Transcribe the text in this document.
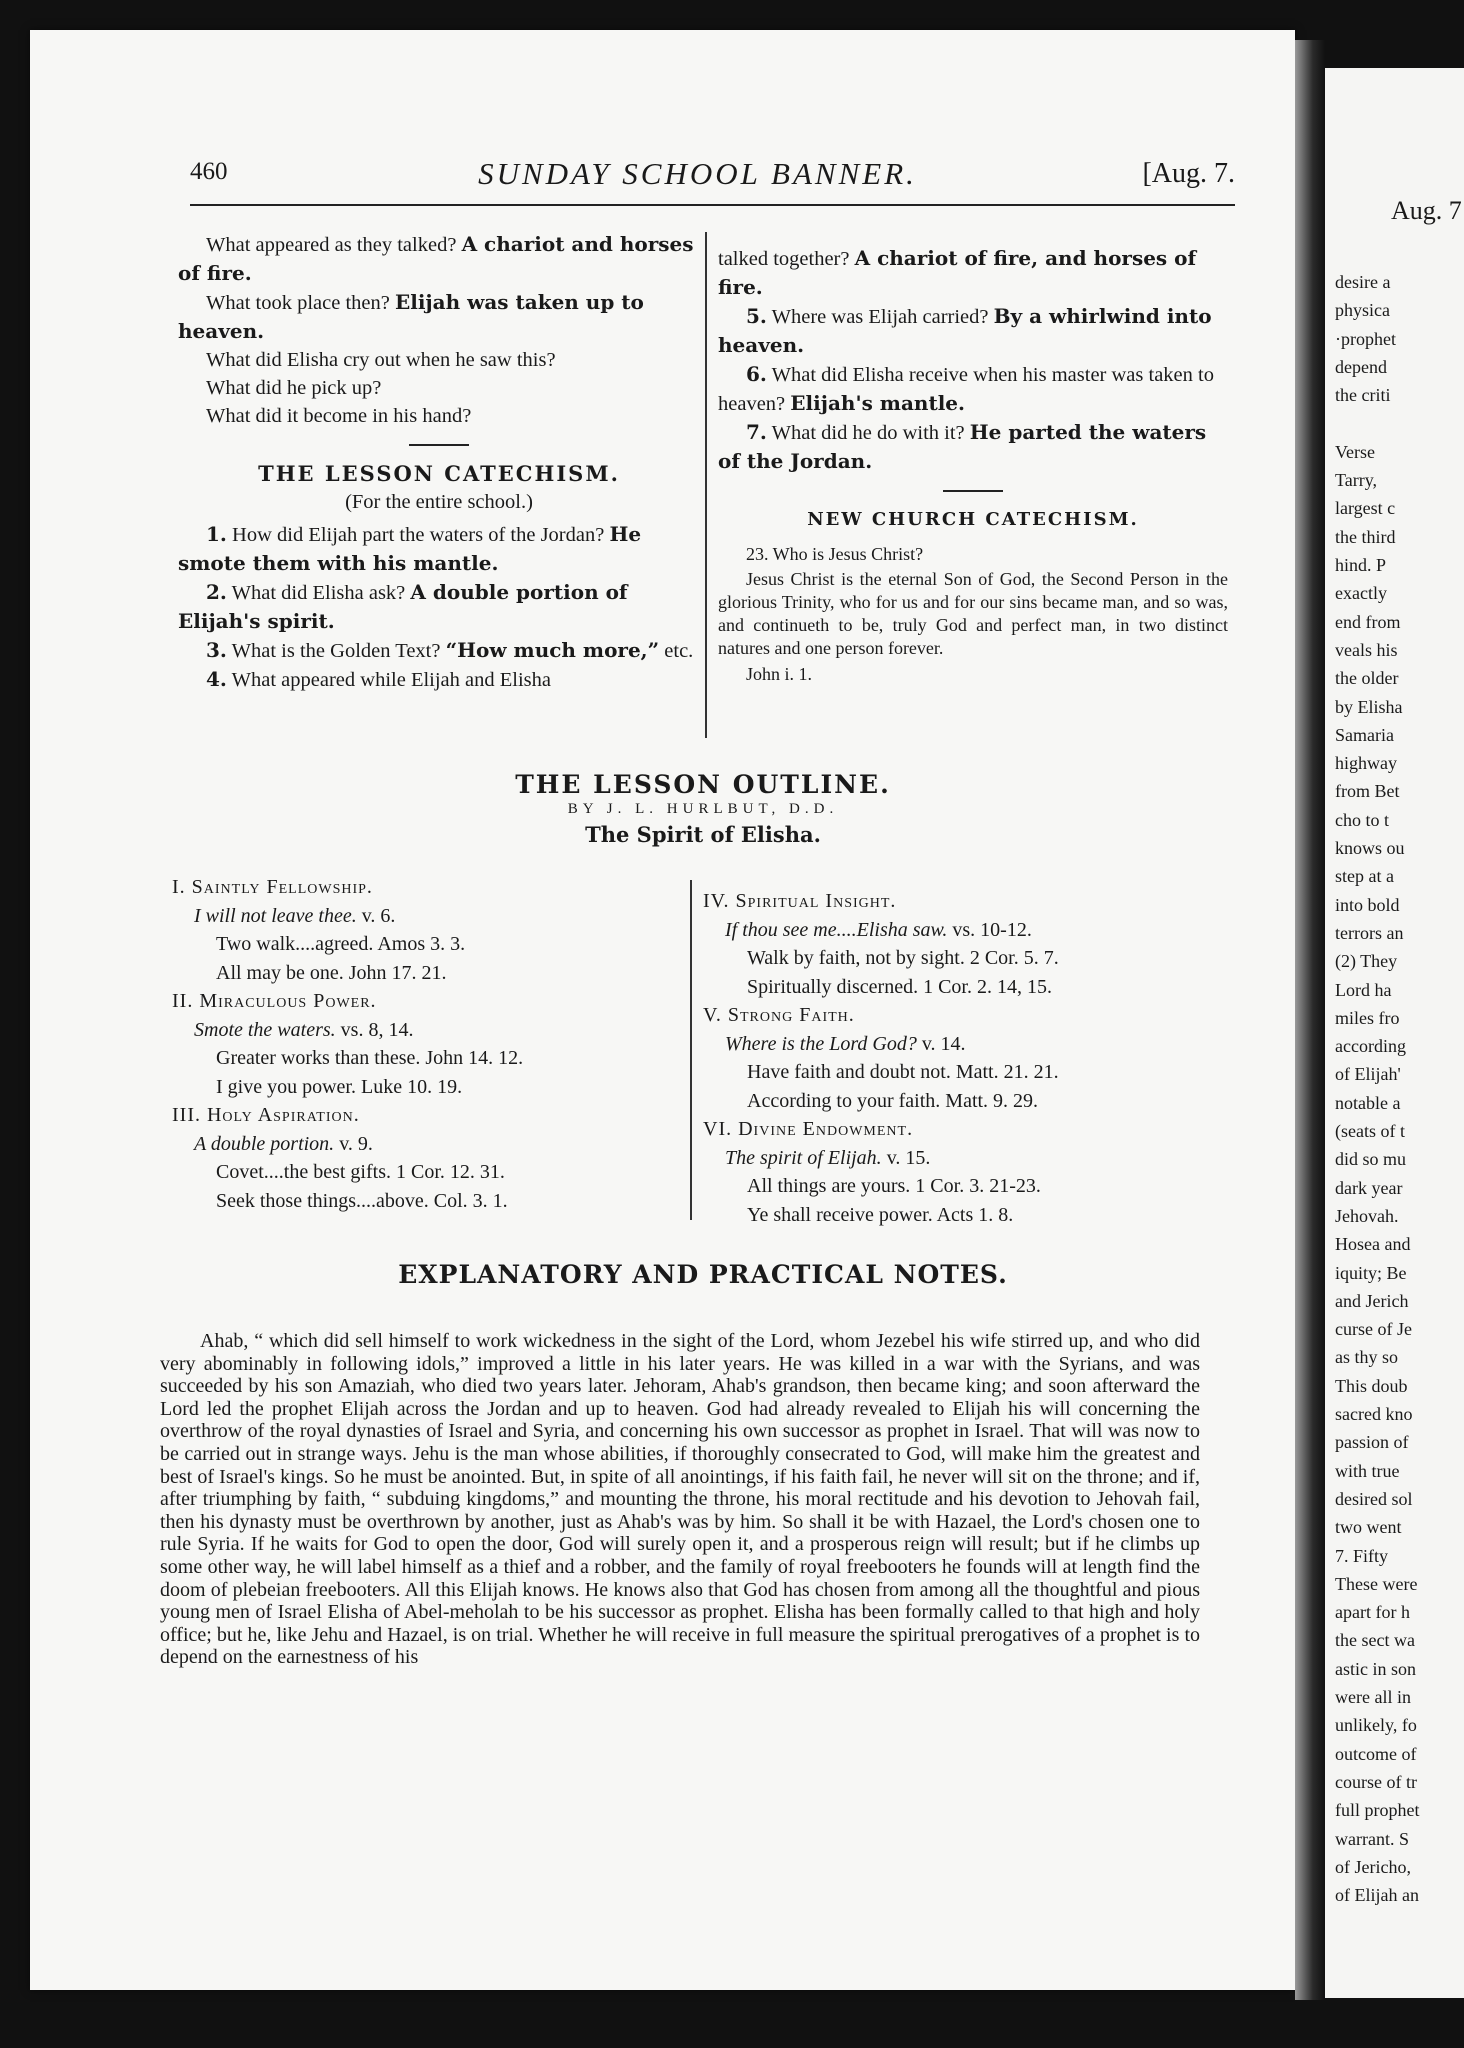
Aug. 7
desire a
physica
·prophet
depend
the criti
Verse
Tarry,
largest c
the third
hind. P
exactly
end from
veals his
the older
by Elisha
Samaria
highway
from Bet
cho to t
knows ou
step at a
into bold
terrors an
(2) They
Lord ha
miles fro
according
of Elijah'
notable a
(seats of t
did so mu
dark year
Jehovah.
Hosea and
iquity; Be
and Jerich
curse of Je
as thy so
This doub
sacred kno
passion of
with true
desired sol
two went
7. Fifty
These were
apart for h
the sect wa
astic in son
were all in
unlikely, fo
outcome of
course of tr
full prophet
warrant. S
of Jericho,
of Elijah an
460	SUNDAY SCHOOL BANNER.	[Aug. 7.

What appeared as they talked? A chariot and horses of fire.

What took place then? Elijah was taken up to heaven.

What did Elisha cry out when he saw this?

What did he pick up?

What did it become in his hand?

THE LESSON CATECHISM.

(For the entire school.)

1. How did Elijah part the waters of the Jordan? He smote them with his mantle.

2. What did Elisha ask? A double portion of Elijah's spirit.

3. What is the Golden Text? “How much more,” etc.

4. What appeared while Elijah and Elisha

talked together? A chariot of fire, and horses of fire.

5. Where was Elijah carried? By a whirlwind into heaven.

6. What did Elisha receive when his master was taken to heaven? Elijah's mantle.

7. What did he do with it? He parted the waters of the Jordan.

NEW CHURCH CATECHISM.

23. Who is Jesus Christ?

Jesus Christ is the eternal Son of God, the Second Person in the glorious Trinity, who for us and for our sins became man, and so was, and continueth to be, truly God and perfect man, in two distinct natures and one person forever.

John i. 1.

THE LESSON OUTLINE.

BY J. L. HURLBUT, D.D.

The Spirit of Elisha.

I. Saintly Fellowship.

I will not leave thee. v. 6.

Two walk....agreed. Amos 3. 3.

All may be one. John 17. 21.

II. Miraculous Power.

Smote the waters. vs. 8, 14.

Greater works than these. John 14. 12.

I give you power. Luke 10. 19.

III. Holy Aspiration.

A double portion. v. 9.

Covet....the best gifts. 1 Cor. 12. 31.

Seek those things....above. Col. 3. 1.

IV. Spiritual Insight.

If thou see me....Elisha saw. vs. 10-12.

Walk by faith, not by sight. 2 Cor. 5. 7.

Spiritually discerned. 1 Cor. 2. 14, 15.

V. Strong Faith.

Where is the Lord God? v. 14.

Have faith and doubt not. Matt. 21. 21.

According to your faith. Matt. 9. 29.

VI. Divine Endowment.

The spirit of Elijah. v. 15.

All things are yours. 1 Cor. 3. 21-23.

Ye shall receive power. Acts 1. 8.

EXPLANATORY AND PRACTICAL NOTES.

Ahab, “ which did sell himself to work wickedness in the sight of the Lord, whom Jezebel his wife stirred up, and who did very abominably in following idols,” improved a little in his later years. He was killed in a war with the Syrians, and was succeeded by his son Amaziah, who died two years later. Jehoram, Ahab's grandson, then became king; and soon afterward the Lord led the prophet Elijah across the Jordan and up to heaven. God had already revealed to Elijah his will concerning the overthrow of the royal dynasties of Israel and Syria, and concerning his own successor as prophet in Israel. That will was now to be carried out in strange ways. Jehu is the man whose abilities, if thoroughly consecrated to God, will make him the greatest and best of Israel's kings. So he must be anointed. But, in spite of all anointings, if his faith fail, he never will sit on the throne; and if, after triumphing by faith, “ subduing kingdoms,” and mounting the throne, his moral rectitude and his devotion to Jehovah fail, then his dynasty must be overthrown by another, just as Ahab's was by him. So shall it be with Hazael, the Lord's chosen one to rule Syria. If he waits for God to open the door, God will surely open it, and a prosperous reign will result; but if he climbs up some other way, he will label himself as a thief and a robber, and the family of royal freebooters he founds will at length find the doom of plebeian freebooters. All this Elijah knows. He knows also that God has chosen from among all the thoughtful and pious young men of Israel Elisha of Abel-meholah to be his successor as prophet. Elisha has been formally called to that high and holy office; but he, like Jehu and Hazael, is on trial. Whether he will receive in full measure the spiritual prerogatives of a prophet is to depend on the earnestness of his
